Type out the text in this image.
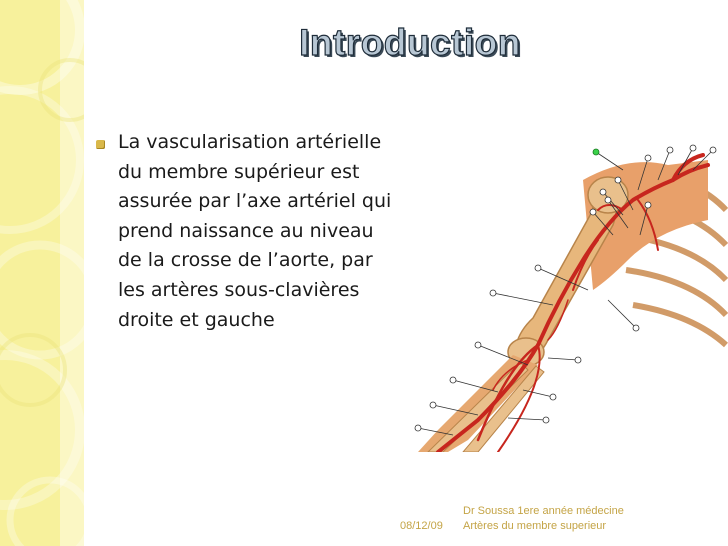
Introduction

La vascularisation artérielle du membre supérieur est assurée par l’axe artériel qui prend naissance au niveau de la crosse de l’aorte, par les artères sous-clavières droite et gauche

08/12/09
Dr Soussa 1ere année médecine
Artères du membre superieur
